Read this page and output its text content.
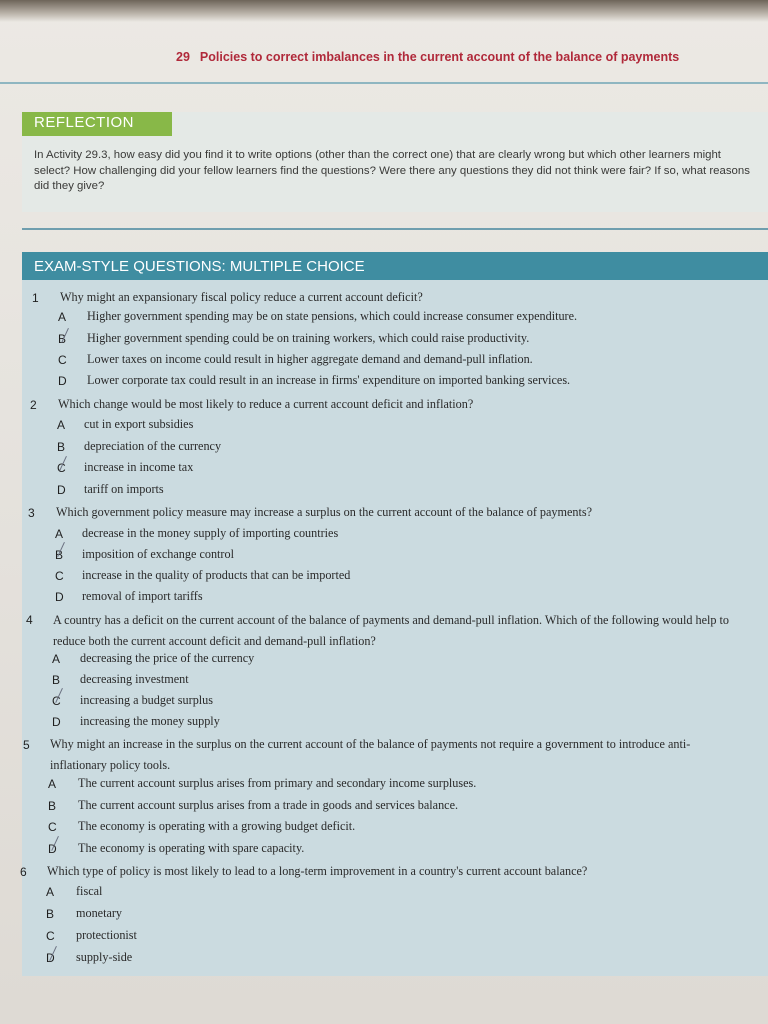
29 Policies to correct imbalances in the current account of the balance of payments
REFLECTION
In Activity 29.3, how easy did you find it to write options (other than the correct one) that are clearly wrong but which other learners might select? How challenging did your fellow learners find the questions? Were there any questions they did not think were fair? If so, what reasons did they give?
EXAM-STYLE QUESTIONS: MULTIPLE CHOICE
1 Why might an expansionary fiscal policy reduce a current account deficit?
A Higher government spending may be on state pensions, which could increase consumer expenditure.
B Higher government spending could be on training workers, which could raise productivity.
C Lower taxes on income could result in higher aggregate demand and demand-pull inflation.
D Lower corporate tax could result in an increase in firms' expenditure on imported banking services.
2 Which change would be most likely to reduce a current account deficit and inflation?
A cut in export subsidies
B depreciation of the currency
C increase in income tax
D tariff on imports
3 Which government policy measure may increase a surplus on the current account of the balance of payments?
A decrease in the money supply of importing countries
B imposition of exchange control
C increase in the quality of products that can be imported
D removal of import tariffs
4 A country has a deficit on the current account of the balance of payments and demand-pull inflation. Which of the following would help to reduce both the current account deficit and demand-pull inflation?
A decreasing the price of the currency
B decreasing investment
C increasing a budget surplus
D increasing the money supply
5 Why might an increase in the surplus on the current account of the balance of payments not require a government to introduce anti-inflationary policy tools.
A The current account surplus arises from primary and secondary income surpluses.
B The current account surplus arises from a trade in goods and services balance.
C The economy is operating with a growing budget deficit.
D The economy is operating with spare capacity.
6 Which type of policy is most likely to lead to a long-term improvement in a country's current account balance?
A fiscal
B monetary
C protectionist
D supply-side
